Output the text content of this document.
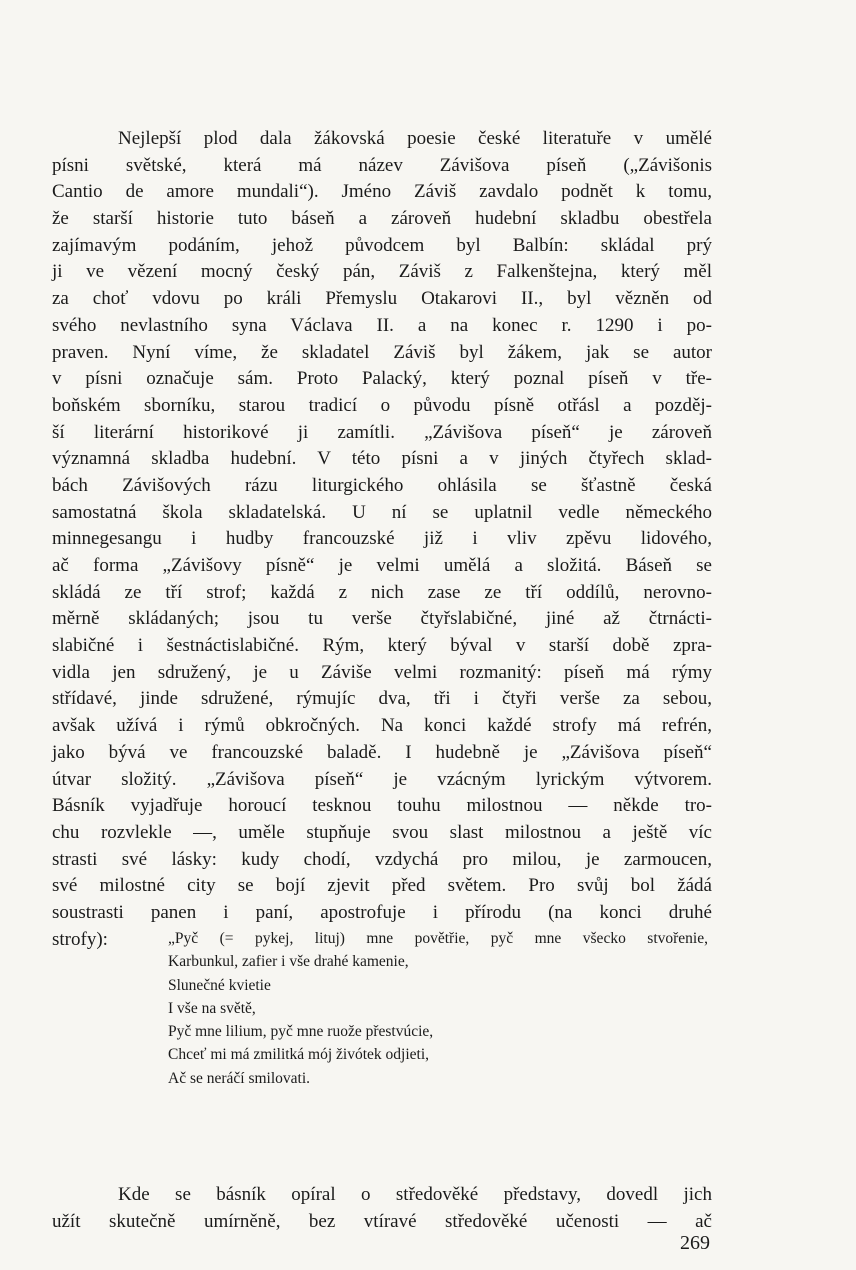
Nejlepší plod dala žákovská poesie české literatuře v umělé
písni světské, která má název Závišova píseň („Závišonis
Cantio de amore mundali“). Jméno Záviš zavdalo podnět k tomu,
že starší historie tuto báseň a zároveň hudební skladbu obestřela
zajímavým podáním, jehož původcem byl Balbín: skládal prý
ji ve vězení mocný český pán, Záviš z Falkenštejna, který měl
za choť vdovu po králi Přemyslu Otakarovi II., byl vězněn od
svého nevlastního syna Václava II. a na konec r. 1290 i po-
praven. Nyní víme, že skladatel Záviš byl žákem, jak se autor
v písni označuje sám. Proto Palacký, který poznal píseň v tře-
boňském sborníku, starou tradicí o původu písně otřásl a pozděj-
ší literární historikové ji zamítli. „Závišova píseň“ je zároveň
významná skladba hudební. V této písni a v jiných čtyřech sklad-
bách Závišových rázu liturgického ohlásila se šťastně česká
samostatná škola skladatelská. U ní se uplatnil vedle německého
minnegesangu i hudby francouzské již i vliv zpěvu lidového,
ač forma „Závišovy písně“ je velmi umělá a složitá. Báseň se
skládá ze tří strof; každá z nich zase ze tří oddílů, nerovno-
měrně skládaných; jsou tu verše čtyřslabičné, jiné až čtrnácti-
slabičné i šestnáctislabičné. Rým, který býval v starší době zpra-
vidla jen sdružený, je u Záviše velmi rozmanitý: píseň má rýmy
střídavé, jinde sdružené, rýmujíc dva, tři i čtyři verše za sebou,
avšak užívá i rýmů obkročných. Na konci každé strofy má refrén,
jako bývá ve francouzské baladě. I hudebně je „Závišova píseň“
útvar složitý. „Závišova píseň“ je vzácným lyrickým výtvorem.
Básník vyjadřuje horoucí tesknou touhu milostnou — někde tro-
chu rozvlekle —, uměle stupňuje svou slast milostnou a ještě víc
strasti své lásky: kudy chodí, vzdychá pro milou, je zarmoucen,
své milostné city se bojí zjevit před světem. Pro svůj bol žádá
soustrasti panen i paní, apostrofuje i přírodu (na konci druhé
strofy):	„Pyč (= pykej, lituj) mne povětřie, pyč mne všecko stvořenie,
Karbunkul, zafier i vše drahé kamenie,
Slunečné kvietie
I vše na světě,
Pyč mne lilium, pyč mne ruože přestvúcie,
Chceť mi má zmilitká mój živótek odjieti,
Ač se neráčí smilovati.
Kde se básník opíral o středověké představy, dovedl jich
užít skutečně umírněně, bez vtíravé středověké učenosti — ač
269
